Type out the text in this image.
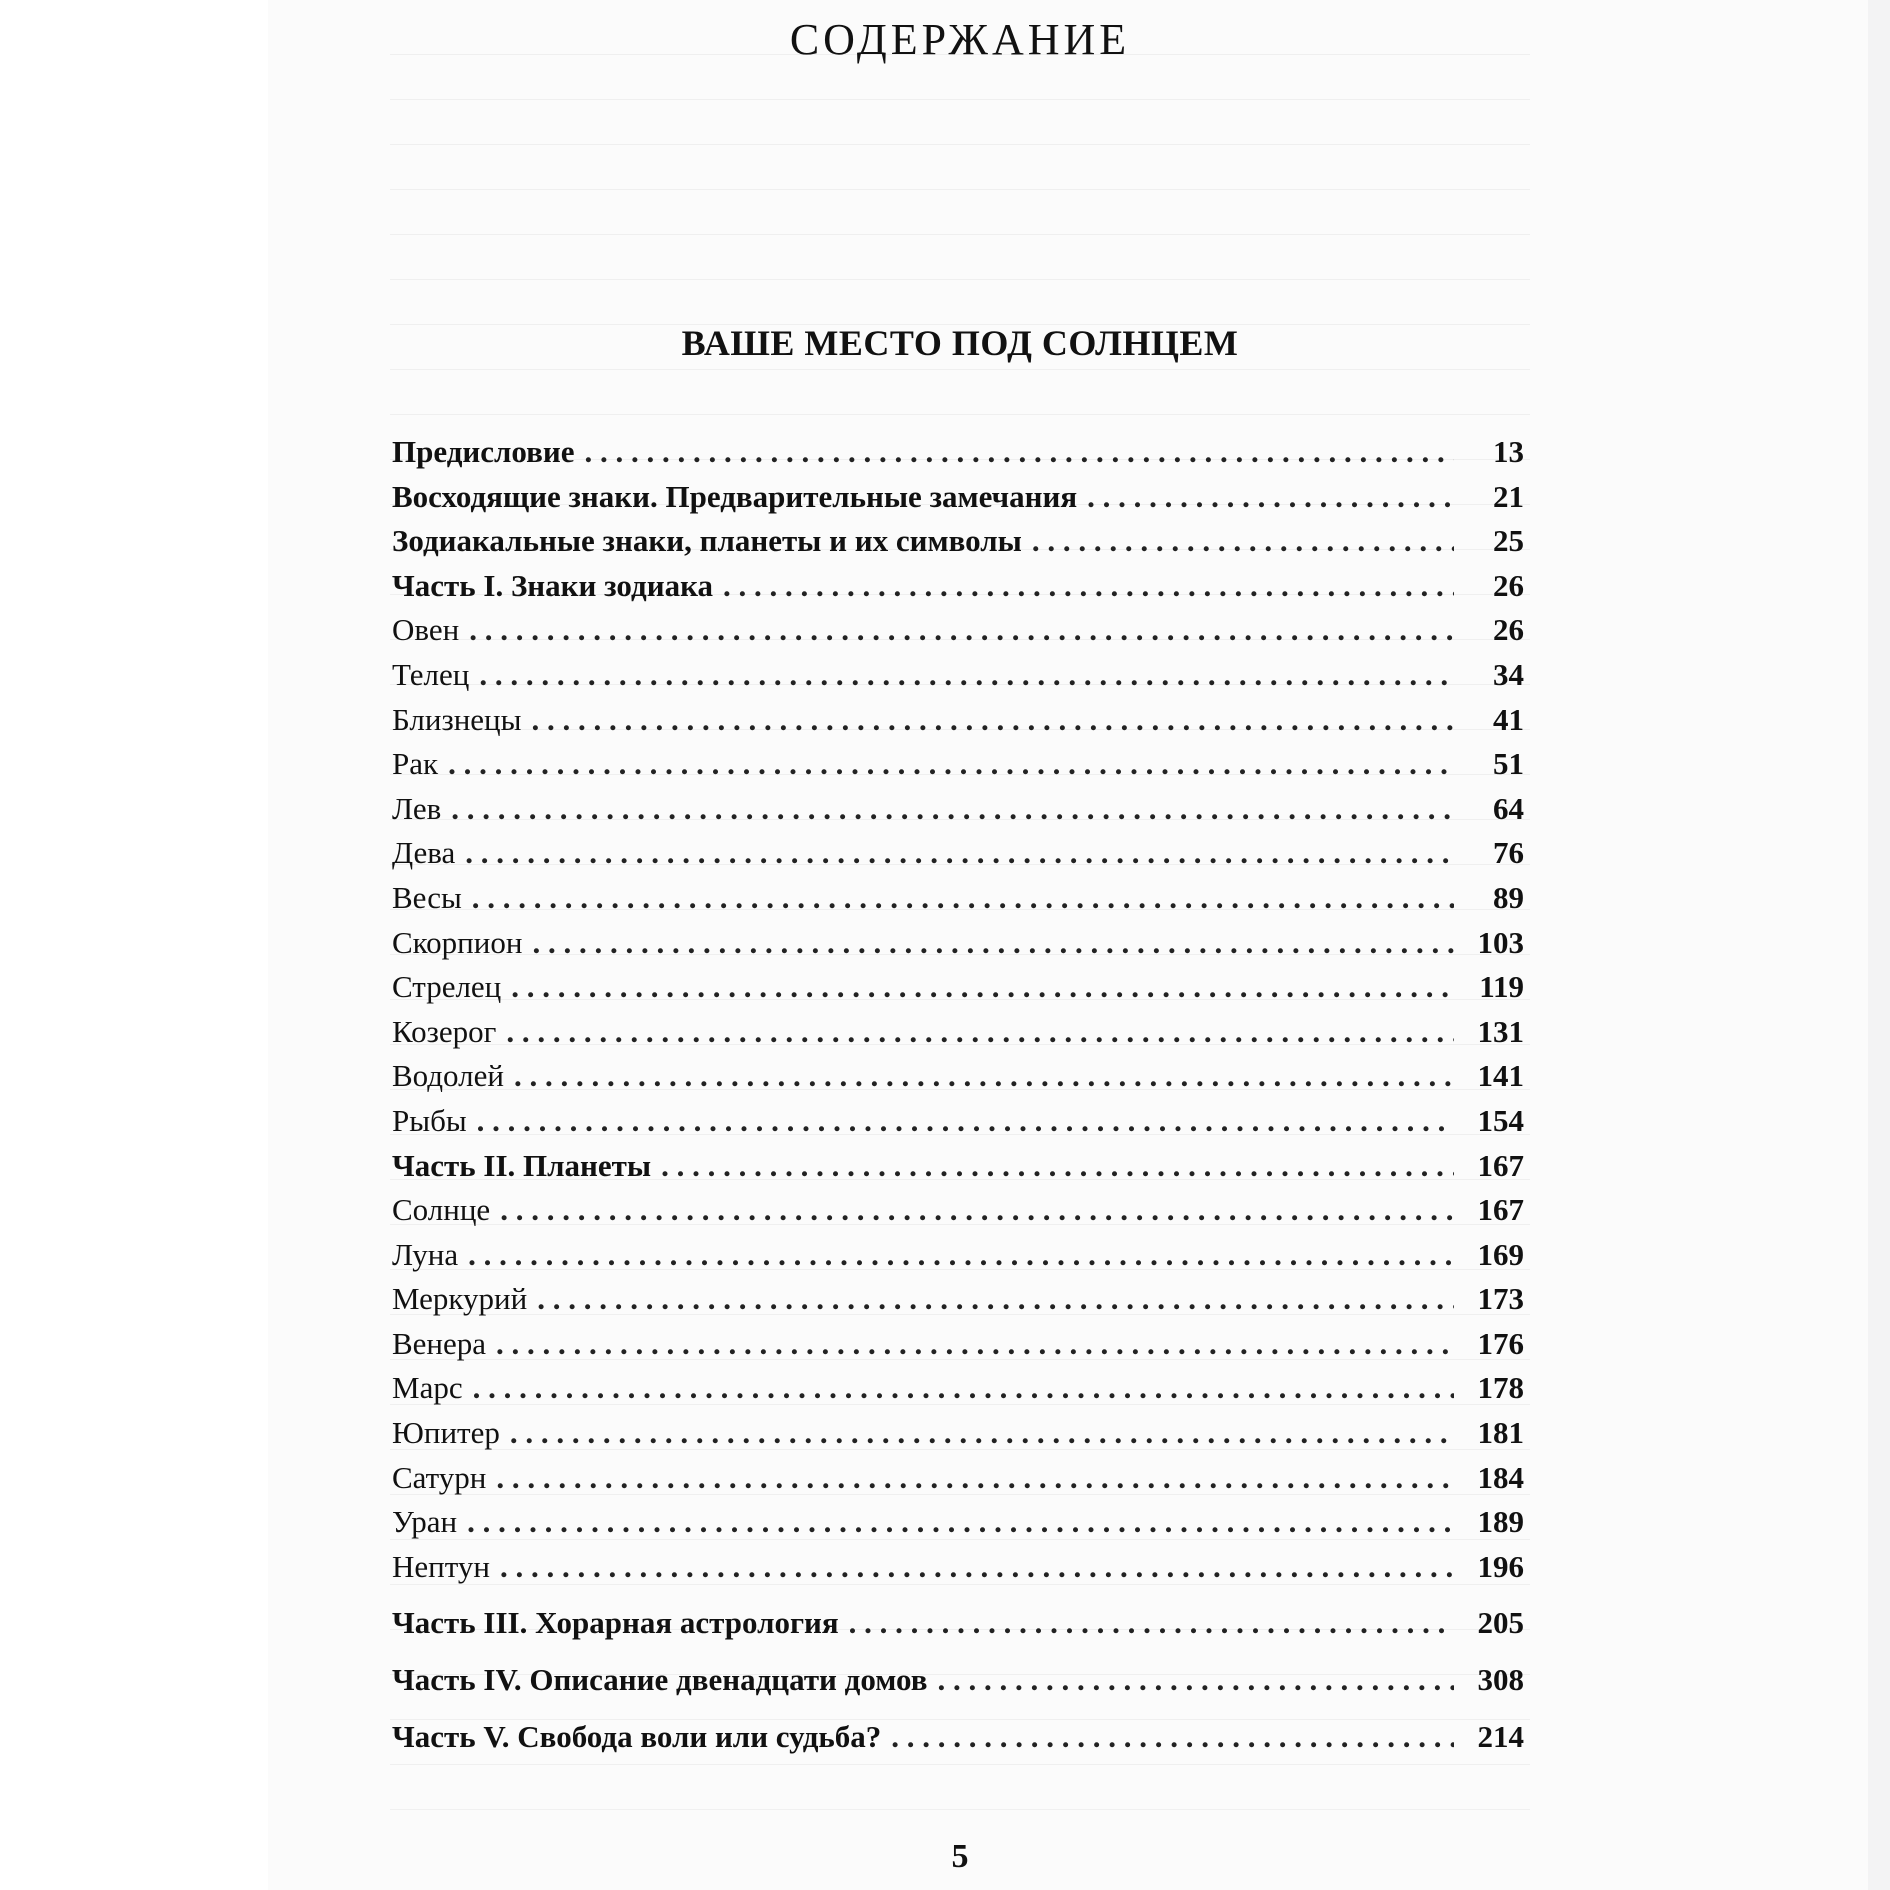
СОДЕРЖАНИЕ
ВАШЕ МЕСТО ПОД СОЛНЦЕМ
Предисловие . . .	13
Восходящие знаки. Предварительные замечания . . .	21
Зодиакальные знаки, планеты и их символы . . .	25
Часть I. Знаки зодиака . . .	26
Овен . . .	26
Телец . . .	34
Близнецы . . .	41
Рак . . .	51
Лев . . .	64
Дева . . .	76
Весы . . .	89
Скорпион . . .	103
Стрелец . . .	119
Козерог . . .	131
Водолей . . .	141
Рыбы . . .	154
Часть II. Планеты . . .	167
Солнце . . .	167
Луна . . .	169
Меркурий . . .	173
Венера . . .	176
Марс . . .	178
Юпитер . . .	181
Сатурн . . .	184
Уран . . .	189
Нептун . . .	196
Часть III. Хорарная астрология . . .	205
Часть IV. Описание двенадцати домов . . .	308
Часть V. Свобода воли или судьба? . . .	214
5
